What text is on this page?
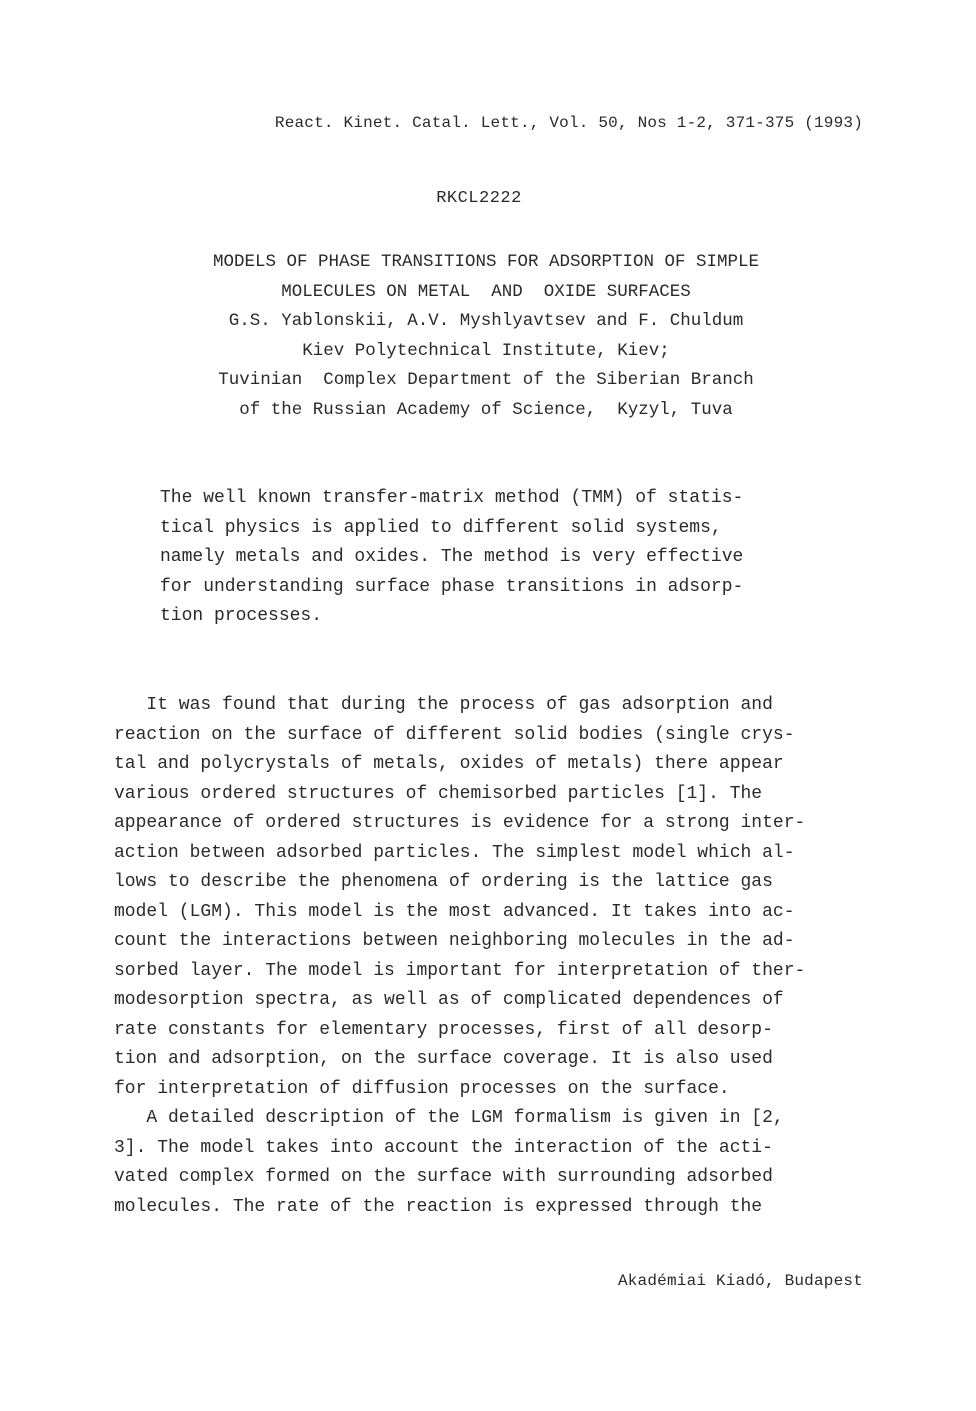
React. Kinet. Catal. Lett., Vol. 50, Nos 1-2, 371-375 (1993)
RKCL2222
MODELS OF PHASE TRANSITIONS FOR ADSORPTION OF SIMPLE
MOLECULES ON METAL  AND  OXIDE SURFACES
G.S. Yablonskii, A.V. Myshlyavtsev and F. Chuldum
Kiev Polytechnical Institute, Kiev;
Tuvinian  Complex Department of the Siberian Branch
of the Russian Academy of Science,  Kyzyl, Tuva
The well known transfer-matrix method (TMM) of statis-
tical physics is applied to different solid systems,
namely metals and oxides. The method is very effective
for understanding surface phase transitions in adsorp-
tion processes.
It was found that during the process of gas adsorption and
reaction on the surface of different solid bodies (single crys-
tal and polycrystals of metals, oxides of metals) there appear
various ordered structures of chemisorbed particles [1]. The
appearance of ordered structures is evidence for a strong inter-
action between adsorbed particles. The simplest model which al-
lows to describe the phenomena of ordering is the lattice gas
model (LGM). This model is the most advanced. It takes into ac-
count the interactions between neighboring molecules in the ad-
sorbed layer. The model is important for interpretation of ther-
modesorption spectra, as well as of complicated dependences of
rate constants for elementary processes, first of all desorp-
tion and adsorption, on the surface coverage. It is also used
for interpretation of diffusion processes on the surface.
A detailed description of the LGM formalism is given in [2,
3]. The model takes into account the interaction of the acti-
vated complex formed on the surface with surrounding adsorbed
molecules. The rate of the reaction is expressed through the
Akadémiai Kiadó, Budapest
